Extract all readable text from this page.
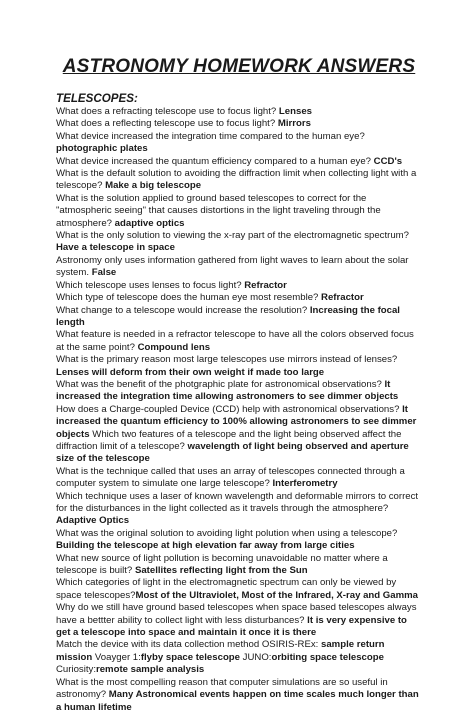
ASTRONOMY HOMEWORK ANSWERS
TELESCOPES:

What does a refracting telescope use to focus light? Lenses

What does a reflecting telescope use to focus light? Mirrors

What device increased the integration time compared to the human eye? photographic plates

What device increased the quantum efficiency compared to a human eye? CCD's

What is the default solution to avoiding the diffraction limit when collecting light with a telescope? Make a big telescope

What is the solution applied to ground based telescopes to correct for the "atmospheric seeing" that causes distortions in the light traveling through the atmosphere? adaptive optics

What is the only solution to viewing the x-ray part of the electromagnetic spectrum? Have a telescope in space

Astronomy only uses information gathered from light waves to learn about the solar system. False

Which telescope uses lenses to focus light? Refractor

Which type of telescope does the human eye most resemble? Refractor

What change to a telescope would increase the resolution? Increasing the focal length

What feature is needed in a refractor telescope to have all the colors observed focus at the same point? Compound lens

What is the primary reason most large telescopes use mirrors instead of lenses? Lenses will deform from their own weight if made too large

What was the benefit of the photgraphic plate for astronomical observations? It increased the integration time allowing astronomers to see dimmer objects

How does a Charge-coupled Device (CCD) help with astronomical observations? It increased the quantum efficiency to 100% allowing astronomers to see dimmer objects Which two features of a telescope and the light being observed affect the diffraction limit of a telescope? wavelength of light being observed and aperture size of the telescope

What is the technique called that uses an array of telescopes connected through a computer system to simulate one large telescope? Interferometry

Which technique uses a laser of known wavelength and deformable mirrors to correct for the disturbances in the light collected as it travels through the atmosphere? Adaptive Optics

What was the original solution to avoiding light polution when using a telescope? Building the telescope at high elevation far away from large cities

What new source of light pollution is becoming unavoidable no matter where a telescope is built? Satellites reflecting light from the Sun

Which categories of light in the electromagnetic spectrum can only be viewed by space telescopes?Most of the Ultraviolet, Most of the Infrared, X-ray and Gamma

Why do we still have ground based telescopes when space based telescopes always have a bettter ability to collect light with less disturbances? It is very expensive to get a telescope into space and maintain it once it is there

Match the device with its data collection method OSIRIS-REx: sample return mission Voayger 1:flyby space telescope JUNO:orbiting space telescope Curiosity:remote sample analysis

What is the most compelling reason that computer simulations are so useful in astronomy? Many Astronomical events happen on time scales much longer than a human lifetime
